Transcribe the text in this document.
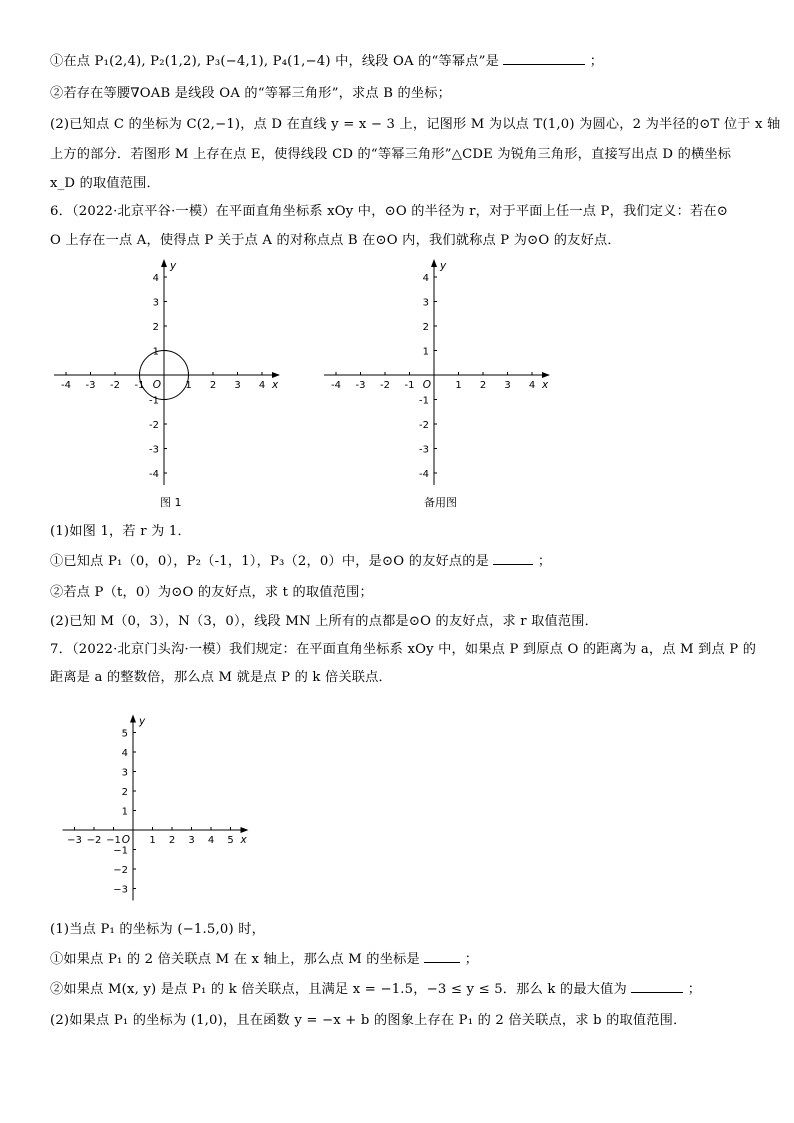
①在点 P₁(2,4), P₂(1,2), P₃(−4,1), P₄(1,−4) 中，线段 OA 的“等幂点”是	；
②若存在等腰∇OAB 是线段 OA 的“等幂三角形”，求点 B 的坐标；
(2)已知点 C 的坐标为 C(2,−1)，点 D 在直线 y = x − 3 上，记图形 M 为以点 T(1,0) 为圆心，2 为半径的⊙T 位于 x 轴
上方的部分．若图形 M 上存在点 E，使得线段 CD 的“等幂三角形”△CDE 为锐角三角形，直接写出点 D 的横坐标
x_D 的取值范围．
6．（2022·北京平谷·一模）在平面直角坐标系 xOy 中，⊙O 的半径为 r，对于平面上任一点 P，我们定义：若在⊙
O 上存在一点 A，使得点 P 关于点 A 的对称点点 B 在⊙O 内，我们就称点 P 为⊙O 的友好点．
-4 -3 -2 -1	1 2 3 4
4
3
2
1
-1
-2
-3
-4
O	x
y
图 1
-4 -3 -2 -1	1 2 3 4
4
3
2
1
-1
-2
-3
-4
O	x
y
备用图
(1)如图 1，若 r 为 1．
①已知点 P₁（0，0），P₂（-1，1），P₃（2，0）中，是⊙O 的友好点的是	；
②若点 P（t，0）为⊙O 的友好点，求 t 的取值范围；
(2)已知 M（0，3），N（3，0），线段 MN 上所有的点都是⊙O 的友好点，求 r 取值范围．
7．（2022·北京门头沟·一模）我们规定：在平面直角坐标系 xOy 中，如果点 P 到原点 O 的距离为 a，点 M 到点 P 的
距离是 a 的整数倍，那么点 M 就是点 P 的 k 倍关联点．
−3 −2 −1	1 2 3 4 5
5
4
3
2
1
−1
−2
−3
O	x
y
(1)当点 P₁ 的坐标为 (−1.5,0) 时，
①如果点 P₁ 的 2 倍关联点 M 在 x 轴上，那么点 M 的坐标是	；
②如果点 M(x, y) 是点 P₁ 的 k 倍关联点，且满足 x = −1.5，−3 ≤ y ≤ 5．那么 k 的最大值为	；
(2)如果点 P₁ 的坐标为 (1,0)，且在函数 y = −x + b 的图象上存在 P₁ 的 2 倍关联点，求 b 的取值范围．
